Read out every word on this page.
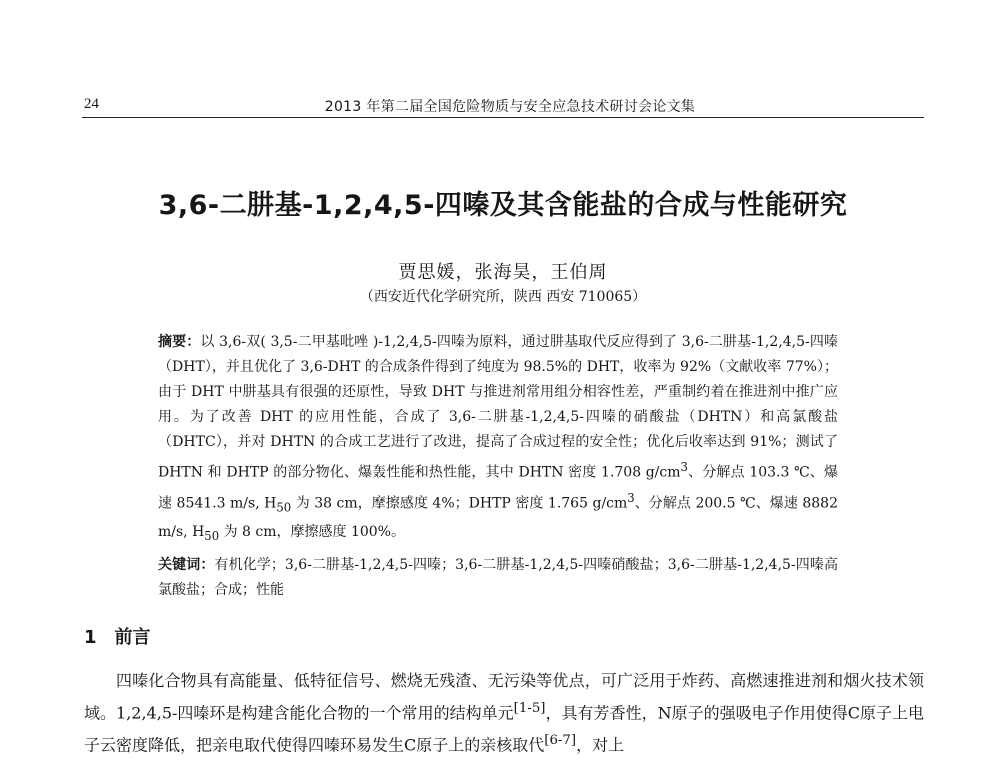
24	2013 年第二届全国危险物质与安全应急技术研讨会论文集
3,6-二肼基-1,2,4,5-四嗪及其含能盐的合成与性能研究
贾思媛，张海昊，王伯周
（西安近代化学研究所，陕西 西安 710065）
摘要：以 3,6-双( 3,5-二甲基吡唑 )-1,2,4,5-四嗪为原料，通过肼基取代反应得到了 3,6-二肼基-1,2,4,5-四嗪（DHT），并且优化了 3,6-DHT 的合成条件得到了纯度为 98.5%的 DHT，收率为 92%（文献收率 77%）；由于 DHT 中肼基具有很强的还原性，导致 DHT 与推进剂常用组分相容性差，严重制约着在推进剂中推广应用。为了改善 DHT 的应用性能，合成了 3,6-二肼基-1,2,4,5-四嗪的硝酸盐（DHTN）和高氯酸盐（DHTC），并对 DHTN 的合成工艺进行了改进，提高了合成过程的安全性；优化后收率达到 91%；测试了 DHTN 和 DHTP 的部分物化、爆轰性能和热性能，其中 DHTN 密度 1.708 $g/cm^3$、分解点 103.3 ℃、爆速 8541.3 m/s, $H_{50}$ 为 38 cm，摩擦感度 4%；DHTP 密度 1.765 $g/cm^3$、分解点 200.5 ℃、爆速 8882 m/s, $H_{50}$ 为 8 cm，摩擦感度 100%。
关键词：有机化学；3,6-二肼基-1,2,4,5-四嗪；3,6-二肼基-1,2,4,5-四嗪硝酸盐；3,6-二肼基-1,2,4,5-四嗪高氯酸盐；合成；性能
1 前言
四嗪化合物具有高能量、低特征信号、燃烧无残渣、无污染等优点，可广泛用于炸药、高燃速推进剂和烟火技术领域。1,2,4,5-四嗪环是构建含能化合物的一个常用的结构单元[1-5]，具有芳香性，N原子的强吸电子作用使得C原子上电子云密度降低，把亲电取代使得四嗪环易发生C原子上的亲核取代[6-7]，对上
